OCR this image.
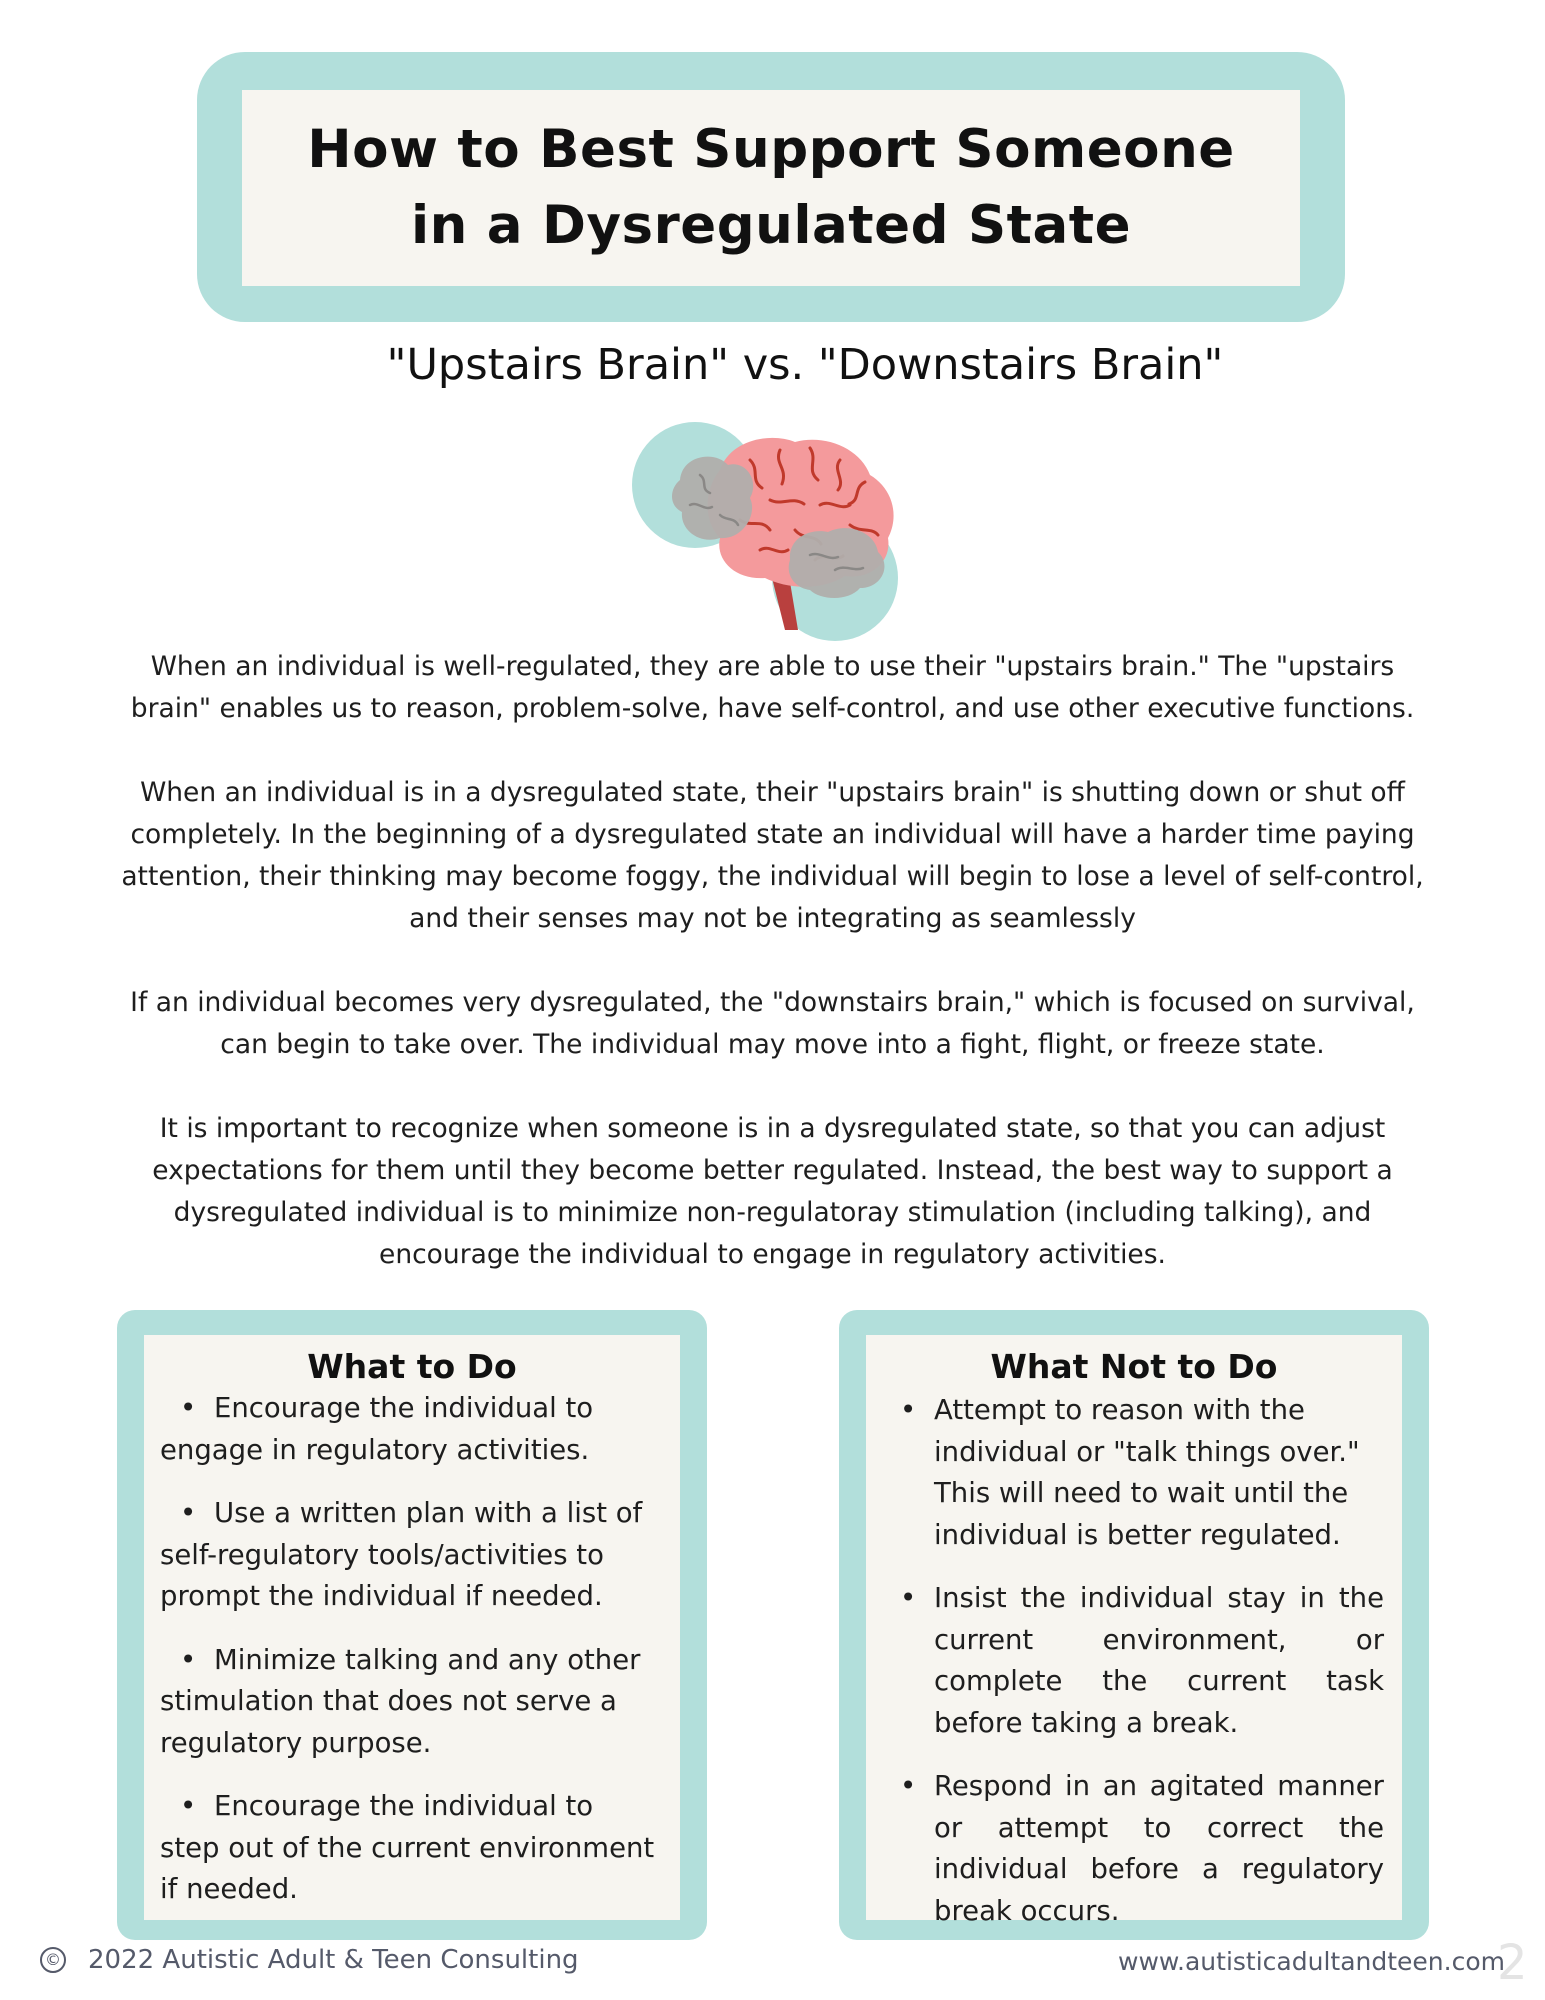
How to Best Support Someone in a Dysregulated State
"Upstairs Brain" vs. "Downstairs Brain"

When an individual is well-regulated, they are able to use their "upstairs brain." The "upstairs brain" enables us to reason, problem-solve, have self-control, and use other executive functions.

When an individual is in a dysregulated state, their "upstairs brain" is shutting down or shut off completely. In the beginning of a dysregulated state an individual will have a harder time paying attention, their thinking may become foggy, the individual will begin to lose a level of self-control, and their senses may not be integrating as seamlessly

If an individual becomes very dysregulated, the "downstairs brain," which is focused on survival, can begin to take over. The individual may move into a fight, flight, or freeze state.

It is important to recognize when someone is in a dysregulated state, so that you can adjust expectations for them until they become better regulated. Instead, the best way to support a dysregulated individual is to minimize non-regulatoray stimulation (including talking), and encourage the individual to engage in regulatory activities.

What to Do
• Encourage the individual to engage in regulatory activities.
• Use a written plan with a list of self-regulatory tools/activities to prompt the individual if needed.
• Minimize talking and any other stimulation that does not serve a regulatory purpose.
• Encourage the individual to step out of the current environment if needed.
What Not to Do
• Attempt to reason with the individual or "talk things over." This will need to wait until the individual is better regulated.
• Insist the individual stay in the current environment, or complete the current task before taking a break.
• Respond in an agitated manner or attempt to correct the individual before a regulatory break occurs.
© 2022 Autistic Adult & Teen Consulting	www.autisticadultandteen.com
2
